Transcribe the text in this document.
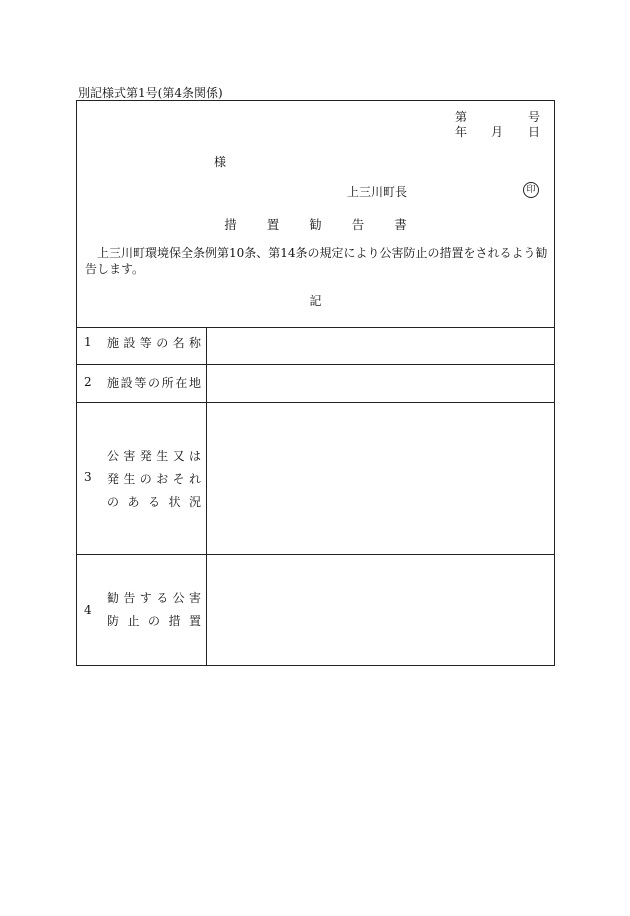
別記様式第1号(第4条関係)
第	号
年 月 日
様
上三川町長	印
措 置 勧 告 書
上三川町環境保全条例第10条、第14条の規定により公害防止の措置をされるよう勧告します。
記
1 施設等の名称
2 施設等の所在地
3
公害発生又は
発生のおそれ
のある状況
4
勧告する公害
防止の措置
